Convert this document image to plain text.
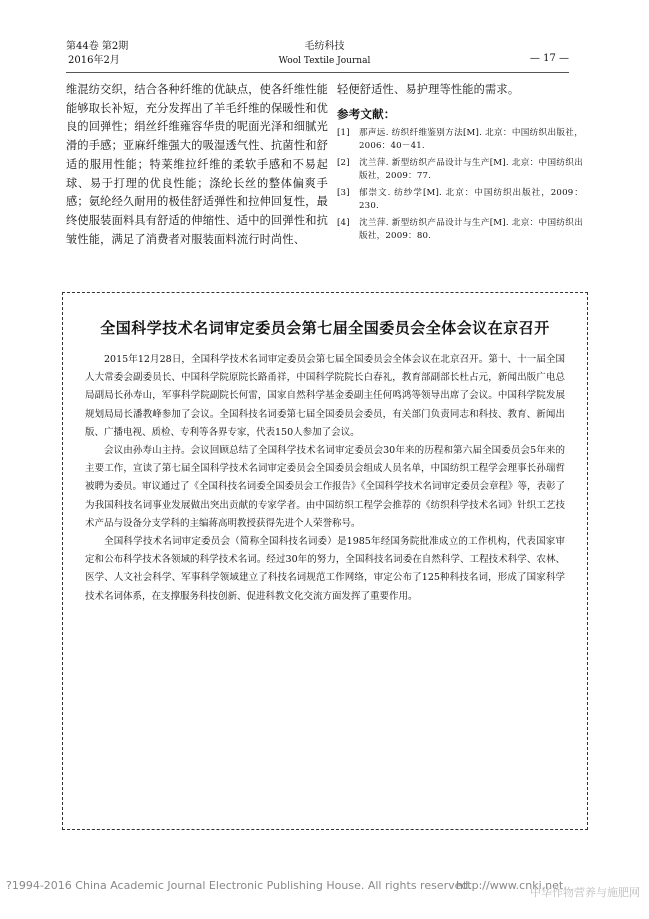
第44卷 第2期
2016年2月
毛纺科技
Wool Textile Journal	— 17 —
维混纺交织，结合各种纤维的优缺点，使各纤维性能能够取长补短，充分发挥出了羊毛纤维的保暖性和优良的回弹性；绢丝纤维雍容华贵的呢面光泽和细腻光滑的手感；亚麻纤维强大的吸湿透气性、抗菌性和舒适的服用性能；特莱维拉纤维的柔软手感和不易起球、易于打理的优良性能；涤纶长丝的整体偏爽手感；氨纶经久耐用的极佳舒适弹性和拉伸回复性，最终使服装面料具有舒适的伸缩性、适中的回弹性和抗皱性能，满足了消费者对服装面料流行时尚性、
轻便舒适性、易护理等性能的需求。
参考文献：
[1]	那声远. 纺织纤维鉴别方法[M]. 北京：中国纺织出版社，2006：40－41.
[2]	沈兰萍. 新型纺织产品设计与生产[M]. 北京：中国纺织出版社，2009：77.
[3]	郁崇文. 纺纱学[M]. 北京：中国纺织出版社，2009：230.
[4]	沈兰萍. 新型纺织产品设计与生产[M]. 北京：中国纺织出版社，2009：80.
全国科学技术名词审定委员会第七届全国委员会全体会议在京召开

2015年12月28日，全国科学技术名词审定委员会第七届全国委员会全体会议在北京召开。第十、十一届全国人大常委会副委员长、中国科学院原院长路甬祥，中国科学院院长白春礼，教育部副部长杜占元，新闻出版广电总局副局长孙寿山，军事科学院副院长何雷，国家自然科学基金委副主任何鸣鸿等领导出席了会议。中国科学院发展规划局局长潘教峰参加了会议。全国科技名词委第七届全国委员会委员，有关部门负责同志和科技、教育、新闻出版、广播电视、质检、专利等各界专家，代表150人参加了会议。

会议由孙寿山主持。会议回顾总结了全国科学技术名词审定委员会30年来的历程和第六届全国委员会5年来的主要工作，宣读了第七届全国科学技术名词审定委员会全国委员会组成人员名单，中国纺织工程学会理事长孙瑞哲被聘为委员。审议通过了《全国科技名词委全国委员会工作报告》《全国科学技术名词审定委员会章程》等，表彰了为我国科技名词事业发展做出突出贡献的专家学者。由中国纺织工程学会推荐的《纺织科学技术名词》针织工艺技术产品与设备分支学科的主编蒋高明教授获得先进个人荣誉称号。

全国科学技术名词审定委员会（简称全国科技名词委）是1985年经国务院批准成立的工作机构，代表国家审定和公布科学技术各领域的科学技术名词。经过30年的努力，全国科技名词委在自然科学、工程技术科学、农林、医学、人文社会科学、军事科学领域建立了科技名词规范工作网络，审定公布了125种科技名词，形成了国家科学技术名词体系，在支撑服务科技创新、促进科教文化交流方面发挥了重要作用。

?1994-2016 China Academic Journal Electronic Publishing House. All rights reserved.
http://www.cnki.net
中华作物营养与施肥网
